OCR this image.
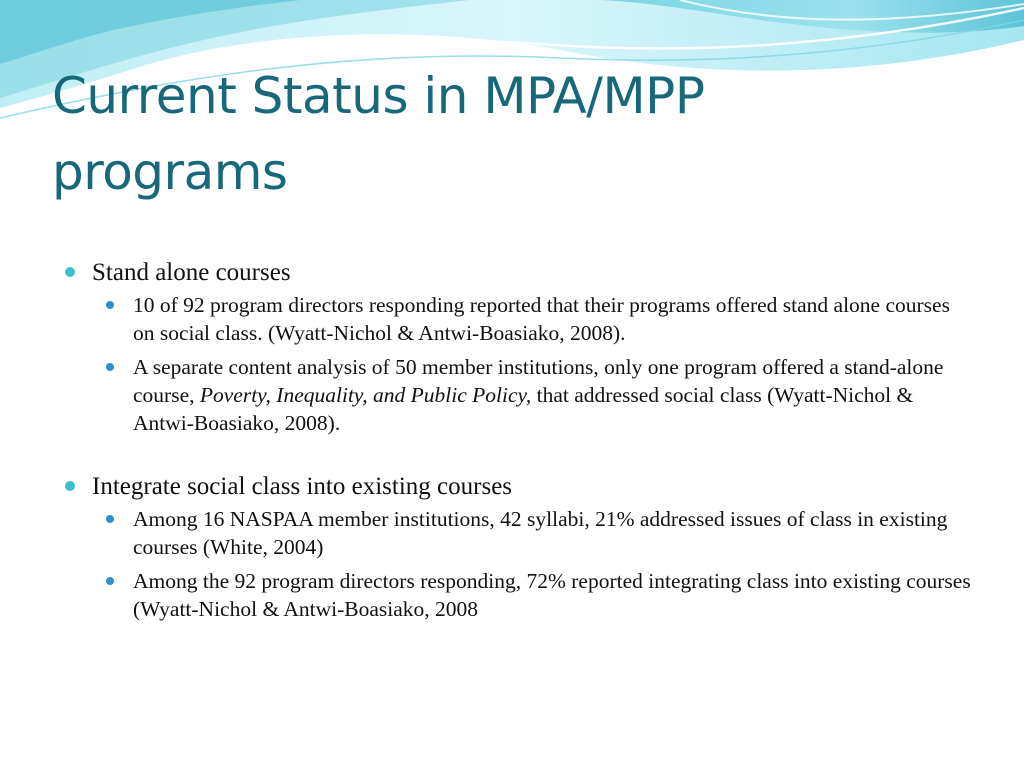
Current Status in MPA/MPP
programs
Stand alone courses
10 of 92 program directors responding reported that their programs offered stand alone courses on social class. (Wyatt-Nichol & Antwi-Boasiako, 2008).
A separate content analysis of 50 member institutions, only one program offered a stand-alone course, Poverty, Inequality, and Public Policy, that addressed social class (Wyatt-Nichol & Antwi-Boasiako, 2008).
Integrate social class into existing courses
Among 16 NASPAA member institutions, 42 syllabi, 21% addressed issues of class in existing courses (White, 2004)
Among the 92 program directors responding, 72% reported integrating class into existing courses (Wyatt-Nichol & Antwi-Boasiako, 2008
